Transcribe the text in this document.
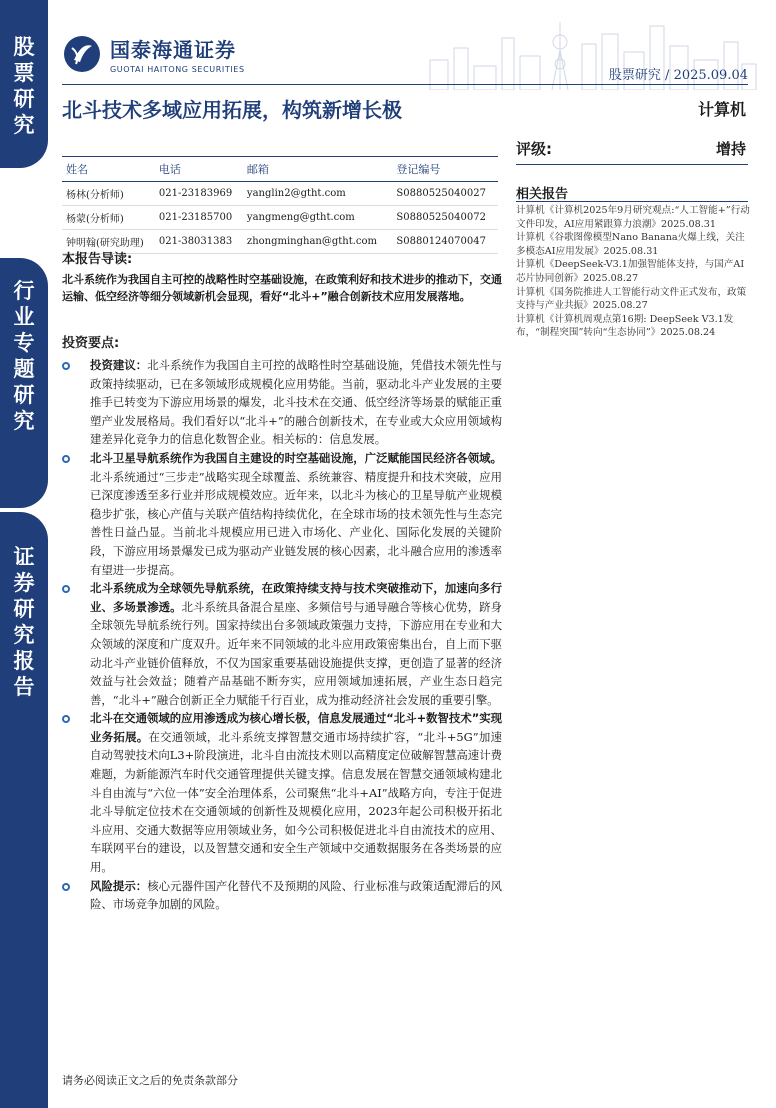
股
票
研
究
行
业
专
题
研
究
证
券
研
究
报
告
国泰海通证券
GUOTAI HAITONG SECURITIES	股票研究 / 2025.09.04
北斗技术多域应用拓展，构筑新增长极	计算机
姓名	电话	邮箱	登记编号
杨林(分析师)	021-23183969	yanglin2@gtht.com	S0880525040027
杨蒙(分析师)	021-23185700	yangmeng@gtht.com	S0880525040072
钟明翰(研究助理)	021-38031383	zhongminghan@gtht.com	S0880124070047
评级:	增持
相关报告

计算机《计算机2025年9月研究观点:“人工智能+”行动文件印发，AI应用紧跟算力浪潮》2025.08.31

计算机《谷歌图像模型Nano Banana火爆上线，关注多模态AI应用发展》2025.08.31

计算机《DeepSeek-V3.1加强智能体支持，与国产AI芯片协同创新》2025.08.27

计算机《国务院推进人工智能行动文件正式发布，政策支持与产业共振》2025.08.27

计算机《计算机周观点第16期: DeepSeek V3.1发布，“制程突围”转向“生态协同”》2025.08.24

本报告导读:
北斗系统作为我国自主可控的战略性时空基础设施，在政策利好和技术进步的推动下，交通运输、低空经济等细分领域新机会显现，看好“北斗+”融合创新技术应用发展落地。
投资要点:

投资建议：北斗系统作为我国自主可控的战略性时空基础设施，凭借技术领先性与政策持续驱动，已在多领域形成规模化应用势能。当前，驱动北斗产业发展的主要推手已转变为下游应用场景的爆发，北斗技术在交通、低空经济等场景的赋能正重塑产业发展格局。我们看好以“北斗+”的融合创新技术，在专业或大众应用领域构建差异化竞争力的信息化数智企业。相关标的：信息发展。

北斗卫星导航系统作为我国自主建设的时空基础设施，广泛赋能国民经济各领域。北斗系统通过“三步走”战略实现全球覆盖、系统兼容、精度提升和技术突破，应用已深度渗透至多行业并形成规模效应。近年来，以北斗为核心的卫星导航产业规模稳步扩张，核心产值与关联产值结构持续优化，在全球市场的技术领先性与生态完善性日益凸显。当前北斗规模应用已进入市场化、产业化、国际化发展的关键阶段，下游应用场景爆发已成为驱动产业链发展的核心因素，北斗融合应用的渗透率有望进一步提高。

北斗系统成为全球领先导航系统，在政策持续支持与技术突破推动下，加速向多行业、多场景渗透。北斗系统具备混合星座、多频信号与通导融合等核心优势，跻身全球领先导航系统行列。国家持续出台多领域政策强力支持，下游应用在专业和大众领域的深度和广度双升。近年来不同领域的北斗应用政策密集出台，自上而下驱动北斗产业链价值释放，不仅为国家重要基础设施提供支撑，更创造了显著的经济效益与社会效益；随着产品基础不断夯实，应用领域加速拓展，产业生态日趋完善，“北斗+”融合创新正全力赋能千行百业，成为推动经济社会发展的重要引擎。

北斗在交通领域的应用渗透成为核心增长极，信息发展通过“北斗+数智技术”实现业务拓展。在交通领域，北斗系统支撑智慧交通市场持续扩容，“北斗+5G”加速自动驾驶技术向L3+阶段演进，北斗自由流技术则以高精度定位破解智慧高速计费难题，为新能源汽车时代交通管理提供关键支撑。信息发展在智慧交通领域构建北斗自由流与“六位一体”安全治理体系，公司聚焦“北斗+AI”战略方向，专注于促进北斗导航定位技术在交通领域的创新性及规模化应用，2023年起公司积极开拓北斗应用、交通大数据等应用领域业务，如今公司积极促进北斗自由流技术的应用、车联网平台的建设，以及智慧交通和安全生产领域中交通数据服务在各类场景的应用。

风险提示：核心元器件国产化替代不及预期的风险、行业标准与政策适配滞后的风险、市场竞争加剧的风险。

请务必阅读正文之后的免责条款部分
